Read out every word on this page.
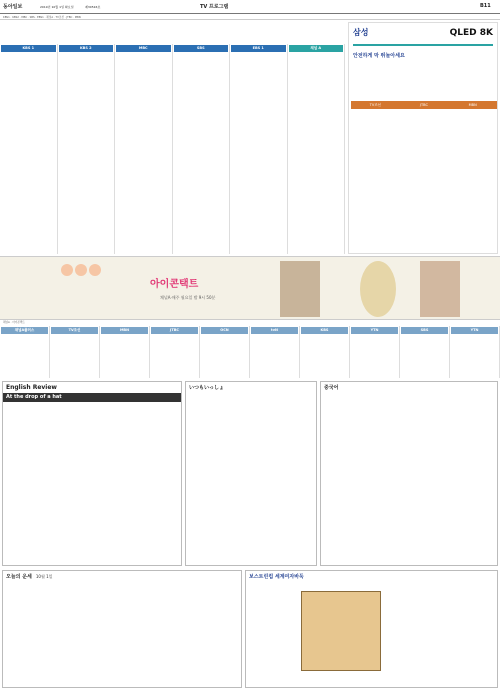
동아일보	2019년 10월 1일 화요일	제30516호	TV 프로그램	B11
KBS1 · KBS2 · MBC · SBS · EBS1 · 채널A · TV조선 · JTBC · MBN
KBS 1	KBS 2	MBC	SBS	EBS 1	채널 A
삼성	QLED 8K
안전하게 막 뛰놀아세요
TV조선	JTBC	MBN
아이콘택트
채널A·매주 월요일 밤 9시 50분
채널A · 아이콘택트
채널A플러스	TV조선	MBN	JTBC	OCN	tvN	KBS	YTN	SBS	YTN
English Review
At the drop of a hat
いつもいっしょ	중국어
오늘의 운세 10월 1일	보스트린컵 세계여자바둑
